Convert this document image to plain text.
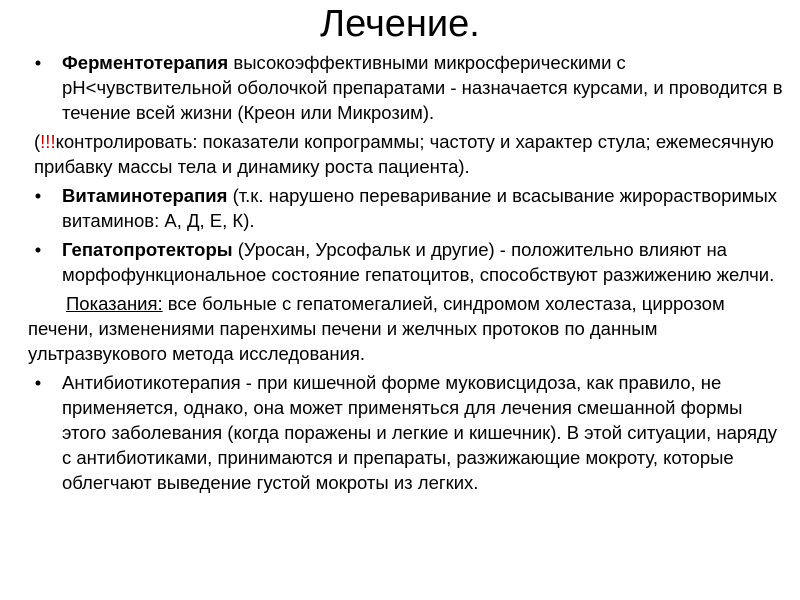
Лечение.
•	Ферментотерапия высокоэффективными микросферическими с рН<чувствительной оболочкой препаратами - назначается курсами, и проводится в течение всей жизни (Креон или Микрозим).
(!!!контролировать: показатели копрограммы; частоту и характер стула; ежемесячную прибавку массы тела и динамику роста пациента).
•	Витаминотерапия (т.к. нарушено переваривание и всасывание жирорастворимых витаминов: А, Д, Е, К).
•	Гепатопротекторы (Уросан, Урсофальк и другие) - положительно влияют на морфофункциональное состояние гепатоцитов, способствуют разжижению желчи.
Показания: все больные с гепатомегалией, синдромом холестаза, циррозом печени, изменениями паренхимы печени и желчных протоков по данным ультразвукового метода исследования.
•	Антибиотикотерапия - при кишечной форме муковисцидоза, как правило, не применяется, однако, она может применяться для лечения смешанной формы этого заболевания (когда поражены и легкие и кишечник). В этой ситуации, наряду с антибиотиками, принимаются и препараты, разжижающие мокроту, которые облегчают выведение густой мокроты из легких.
